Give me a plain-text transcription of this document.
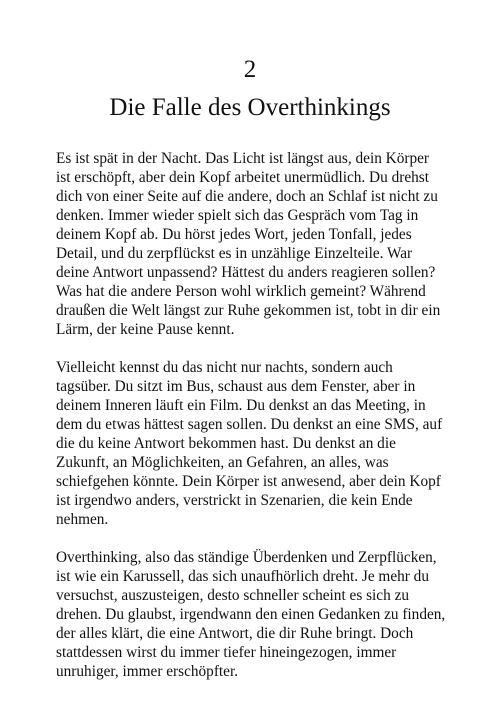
2
Die Falle des Overthinkings

Es ist spät in der Nacht. Das Licht ist längst aus, dein Körper
ist erschöpft, aber dein Kopf arbeitet unermüdlich. Du drehst
dich von einer Seite auf die andere, doch an Schlaf ist nicht zu
denken. Immer wieder spielt sich das Gespräch vom Tag in
deinem Kopf ab. Du hörst jedes Wort, jeden Tonfall, jedes
Detail, und du zerpflückst es in unzählige Einzelteile. War
deine Antwort unpassend? Hättest du anders reagieren sollen?
Was hat die andere Person wohl wirklich gemeint? Während
draußen die Welt längst zur Ruhe gekommen ist, tobt in dir ein
Lärm, der keine Pause kennt.

Vielleicht kennst du das nicht nur nachts, sondern auch
tagsüber. Du sitzt im Bus, schaust aus dem Fenster, aber in
deinem Inneren läuft ein Film. Du denkst an das Meeting, in
dem du etwas hättest sagen sollen. Du denkst an eine SMS, auf
die du keine Antwort bekommen hast. Du denkst an die
Zukunft, an Möglichkeiten, an Gefahren, an alles, was
schiefgehen könnte. Dein Körper ist anwesend, aber dein Kopf
ist irgendwo anders, verstrickt in Szenarien, die kein Ende
nehmen.

Overthinking, also das ständige Überdenken und Zerpflücken,
ist wie ein Karussell, das sich unaufhörlich dreht. Je mehr du
versuchst, auszusteigen, desto schneller scheint es sich zu
drehen. Du glaubst, irgendwann den einen Gedanken zu finden,
der alles klärt, die eine Antwort, die dir Ruhe bringt. Doch
stattdessen wirst du immer tiefer hineingezogen, immer
unruhiger, immer erschöpfter.
